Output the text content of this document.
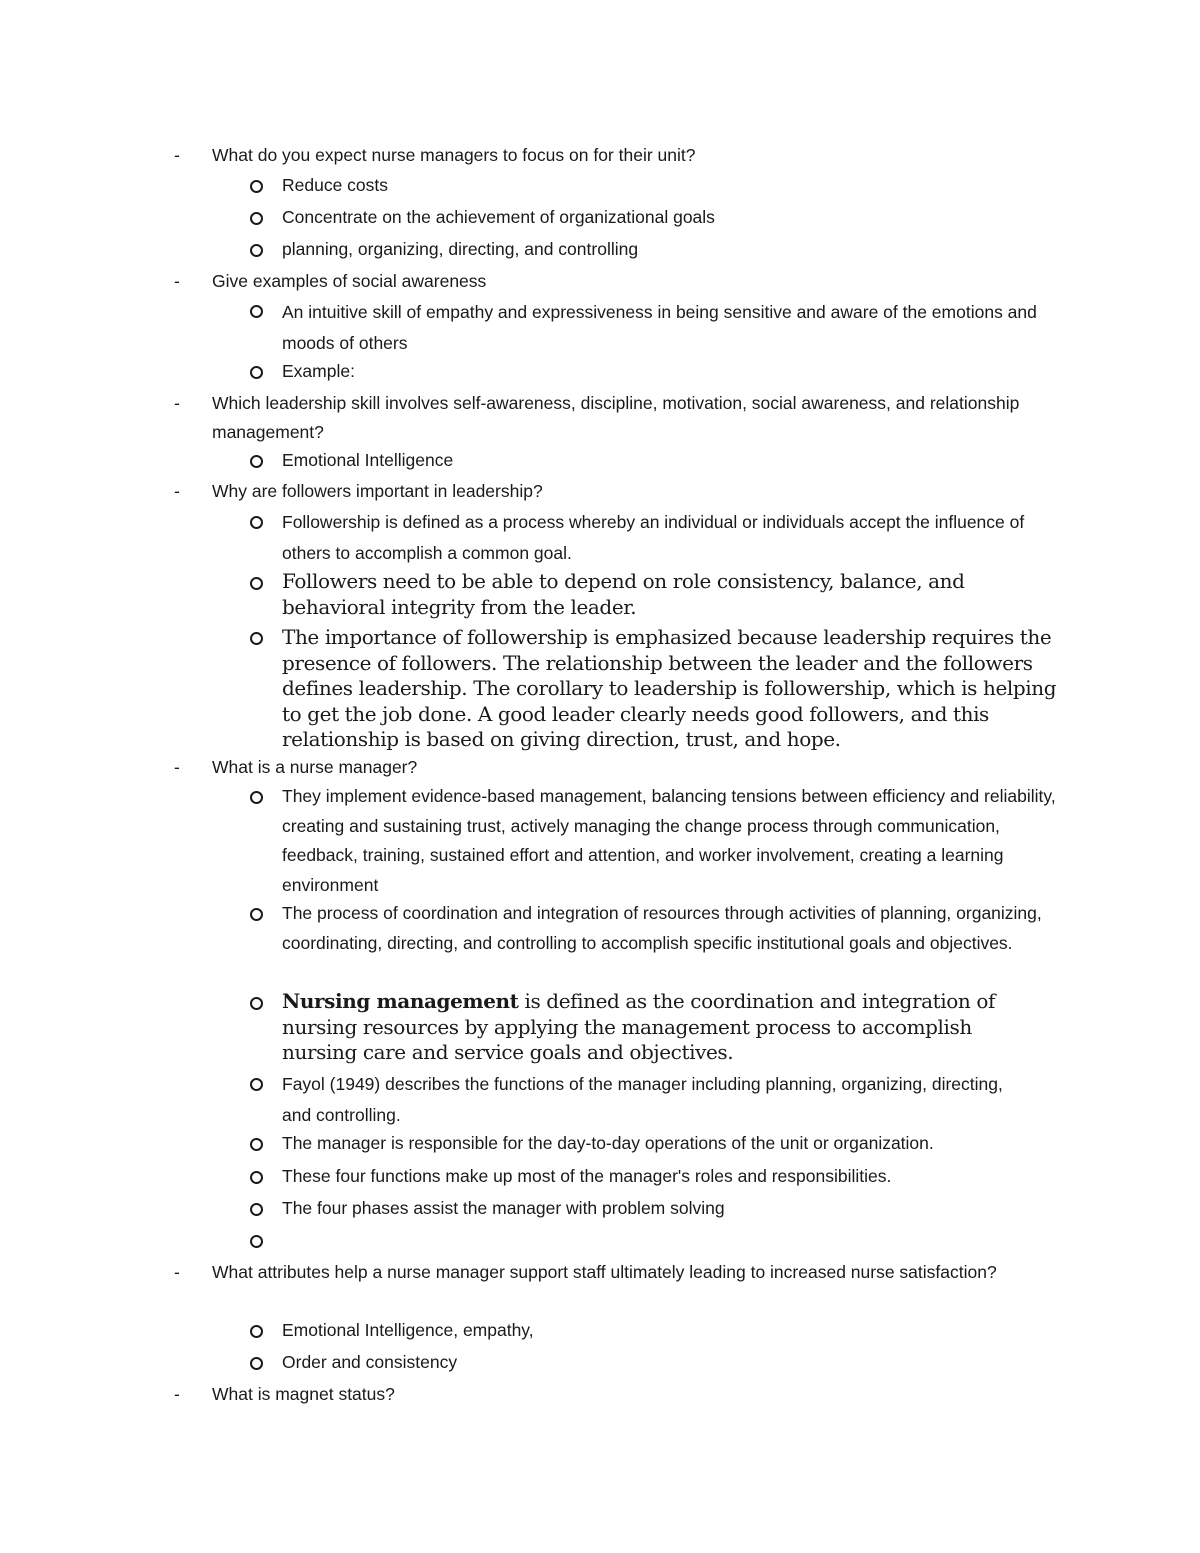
- What do you expect nurse managers to focus on for their unit?
Reduce costs
Concentrate on the achievement of organizational goals
planning, organizing, directing, and controlling
- Give examples of social awareness
An intuitive skill of empathy and expressiveness in being sensitive and aware of the emotions and moods of others
Example:
- Which leadership skill involves self-awareness, discipline, motivation, social awareness, and relationship management?
Emotional Intelligence
- Why are followers important in leadership?
Followership is defined as a process whereby an individual or individuals accept the influence of others to accomplish a common goal.
Followers need to be able to depend on role consistency, balance, and behavioral integrity from the leader.
The importance of followership is emphasized because leadership requires the presence of followers. The relationship between the leader and the followers defines leadership. The corollary to leadership is followership, which is helping to get the job done. A good leader clearly needs good followers, and this relationship is based on giving direction, trust, and hope.
- What is a nurse manager?
They implement evidence-based management, balancing tensions between efficiency and reliability, creating and sustaining trust, actively managing the change process through communication, feedback, training, sustained effort and attention, and worker involvement, creating a learning environment
The process of coordination and integration of resources through activities of planning, organizing, coordinating, directing, and controlling to accomplish specific institutional goals and objectives.
Nursing management is defined as the coordination and integration of nursing resources by applying the management process to accomplish nursing care and service goals and objectives.
Fayol (1949) describes the functions of the manager including planning, organizing, directing, and controlling.
The manager is responsible for the day-to-day operations of the unit or organization.
These four functions make up most of the manager's roles and responsibilities.
The four phases assist the manager with problem solving
- What attributes help a nurse manager support staff ultimately leading to increased nurse satisfaction?
Emotional Intelligence, empathy,
Order and consistency
- What is magnet status?
